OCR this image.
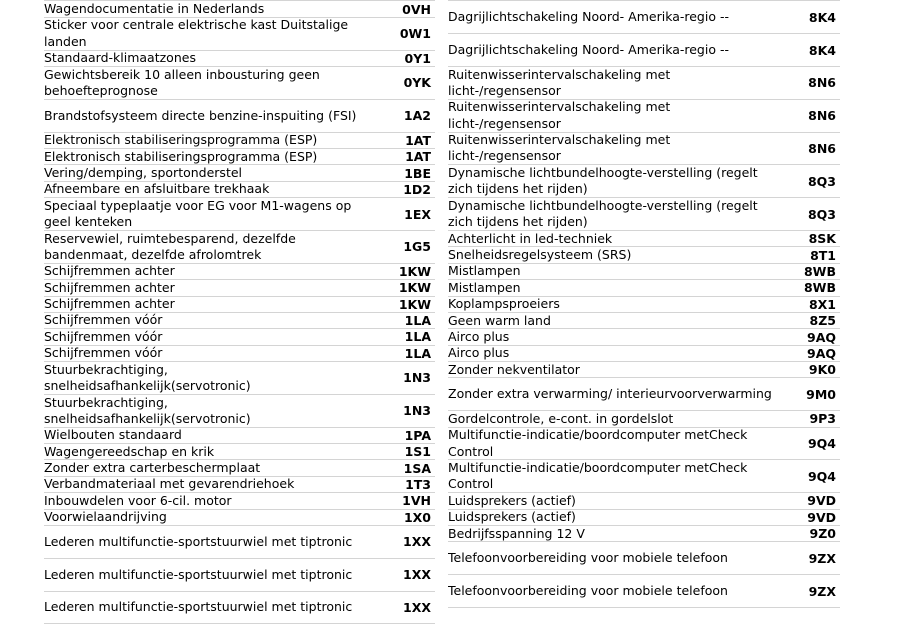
Wagendocumentatie in Nederlands	0VH
Sticker voor centrale elektrische kast Duitstalige landen
0W1
Standaard-klimaatzones	0Y1
Gewichtsbereik 10 alleen inbousturing geen behoefteprognose
0YK
Brandstofsysteem directe benzine-inspuiting (FSI)	1A2
Elektronisch stabiliseringsprogramma (ESP)	1AT
Elektronisch stabiliseringsprogramma (ESP)	1AT
Vering/demping, sportonderstel	1BE
Afneembare en afsluitbare trekhaak	1D2
Speciaal typeplaatje voor EG voor M1-wagens op geel kenteken
1EX
Reservewiel, ruimtebesparend, dezelfde bandenmaat, dezelfde afrolomtrek
1G5
Schijfremmen achter	1KW
Schijfremmen achter	1KW
Schijfremmen achter	1KW
Schijfremmen vóór	1LA
Schijfremmen vóór	1LA
Schijfremmen vóór	1LA
Stuurbekrachtiging, snelheidsafhankelijk(servotronic)
1N3
Stuurbekrachtiging, snelheidsafhankelijk(servotronic)
1N3
Wielbouten standaard	1PA
Wagengereedschap en krik	1S1
Zonder extra carterbeschermplaat	1SA
Verbandmateriaal met gevarendriehoek	1T3
Inbouwdelen voor 6-cil. motor	1VH
Voorwielaandrijving	1X0
Lederen multifunctie-sportstuurwiel met tiptronic	1XX
Lederen multifunctie-sportstuurwiel met tiptronic	1XX
Lederen multifunctie-sportstuurwiel met tiptronic	1XX
Dagrijlichtschakeling Noord- Amerika-regio --	8K4
Dagrijlichtschakeling Noord- Amerika-regio --	8K4
Ruitenwisserintervalschakeling met licht-/regensensor
8N6
Ruitenwisserintervalschakeling met licht-/regensensor
8N6
Ruitenwisserintervalschakeling met licht-/regensensor
8N6
Dynamische lichtbundelhoogte-verstelling (regelt zich tijdens het rijden)
8Q3
Dynamische lichtbundelhoogte-verstelling (regelt zich tijdens het rijden)
8Q3
Achterlicht in led-techniek	8SK
Snelheidsregelsysteem (SRS)	8T1
Mistlampen	8WB
Mistlampen	8WB
Koplampsproeiers	8X1
Geen warm land	8Z5
Airco plus	9AQ
Airco plus	9AQ
Zonder nekventilator	9K0
Zonder extra verwarming/ interieurvoorverwarming	9M0
Gordelcontrole, e-cont. in gordelslot	9P3
Multifunctie-indicatie/boordcomputer metCheck Control
9Q4
Multifunctie-indicatie/boordcomputer metCheck Control
9Q4
Luidsprekers (actief)	9VD
Luidsprekers (actief)	9VD
Bedrijfsspanning 12 V	9Z0
Telefoonvoorbereiding voor mobiele telefoon	9ZX
Telefoonvoorbereiding voor mobiele telefoon	9ZX
